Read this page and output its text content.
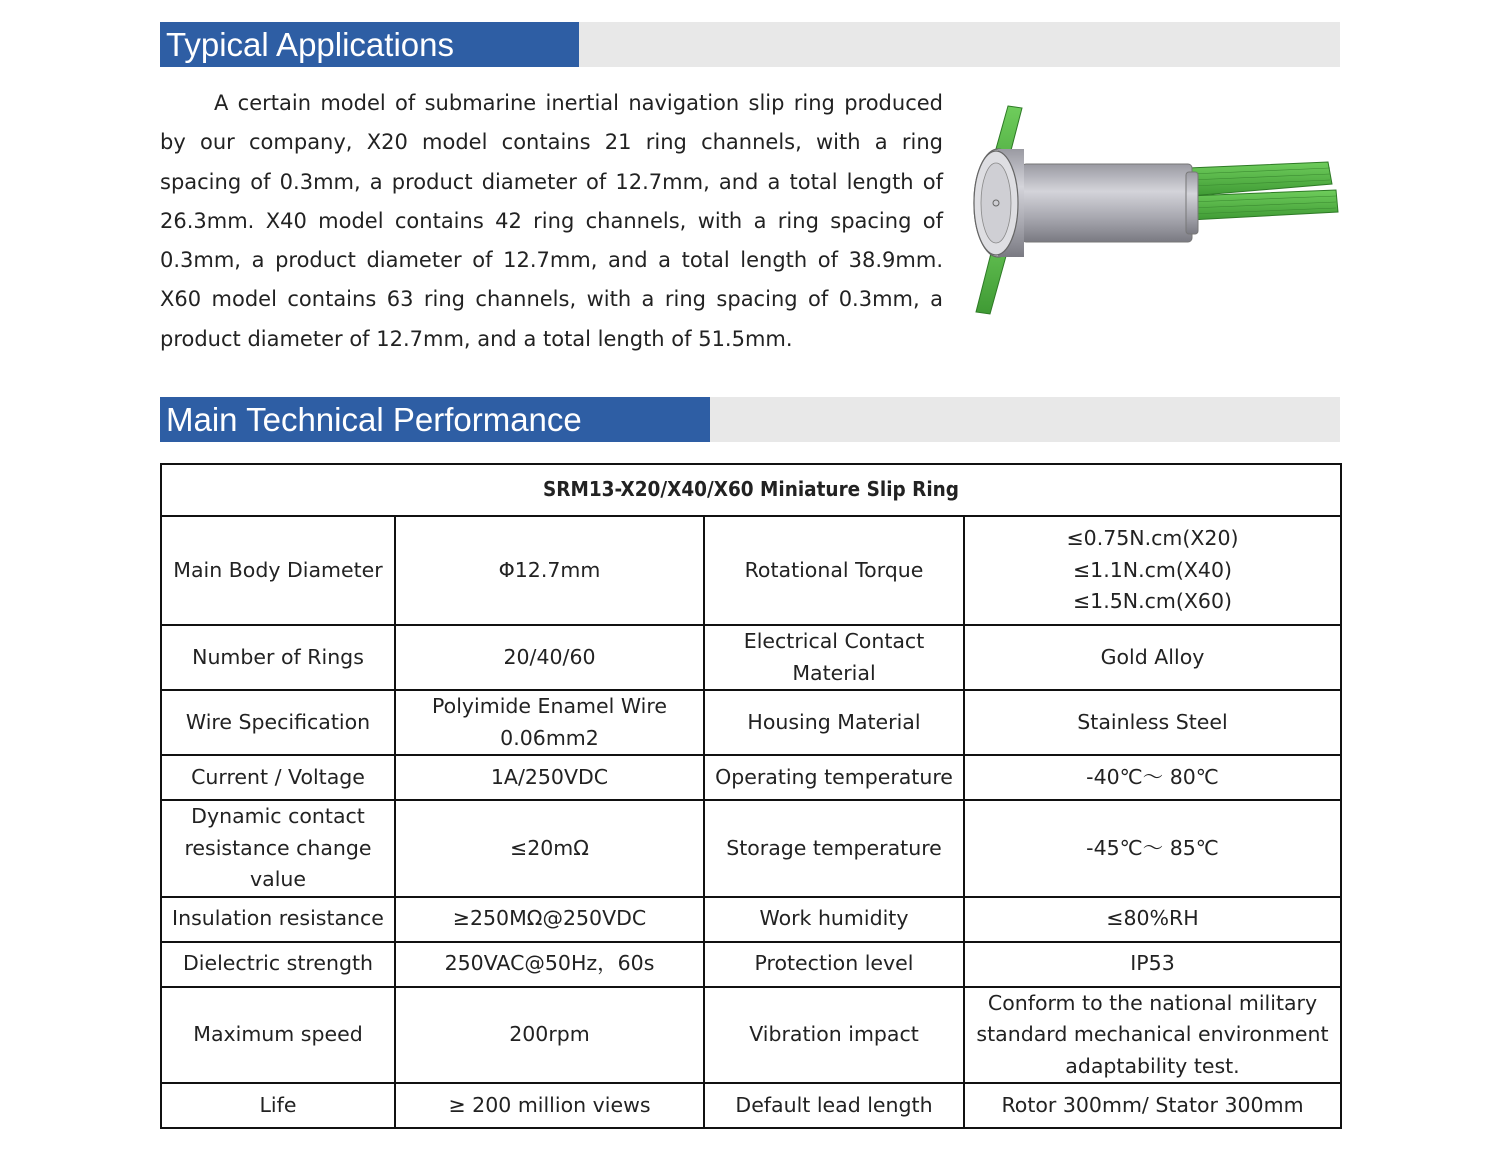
Typical Applications

A certain model of submarine inertial navigation slip ring produced by our company, X20 model contains 21 ring channels, with a ring spacing of 0.3mm, a product diameter of 12.7mm, and a total length of 26.3mm. X40 model contains 42 ring channels, with a ring spacing of 0.3mm, a product diameter of 12.7mm, and a total length of 38.9mm. X60 model contains 63 ring channels, with a ring spacing of 0.3mm, a product diameter of 12.7mm, and a total length of 51.5mm.

Main Technical Performance
SRM13-X20/X40/X60 Miniature Slip Ring			
Main Body Diameter	Φ12.7mm	Rotational Torque	≤0.75N.cm(X20)
≤1.1N.cm(X40)
≤1.5N.cm(X60)
Number of Rings	20/40/60	Electrical Contact Material	Gold Alloy
Wire Specification	Polyimide Enamel Wire 0.06mm2	Housing Material	Stainless Steel
Current / Voltage	1A/250VDC	Operating temperature	-40℃～ 80℃
Dynamic contact resistance change value	≤20mΩ	Storage temperature	-45℃～ 85℃
Insulation resistance	≥250MΩ@250VDC	Work humidity	≤80%RH
Dielectric strength	250VAC@50Hz，60s	Protection level	IP53
Maximum speed	200rpm	Vibration impact	Conform to the national military standard mechanical environment adaptability test.
Life	≥ 200 million views	Default lead length	Rotor 300mm/ Stator 300mm
